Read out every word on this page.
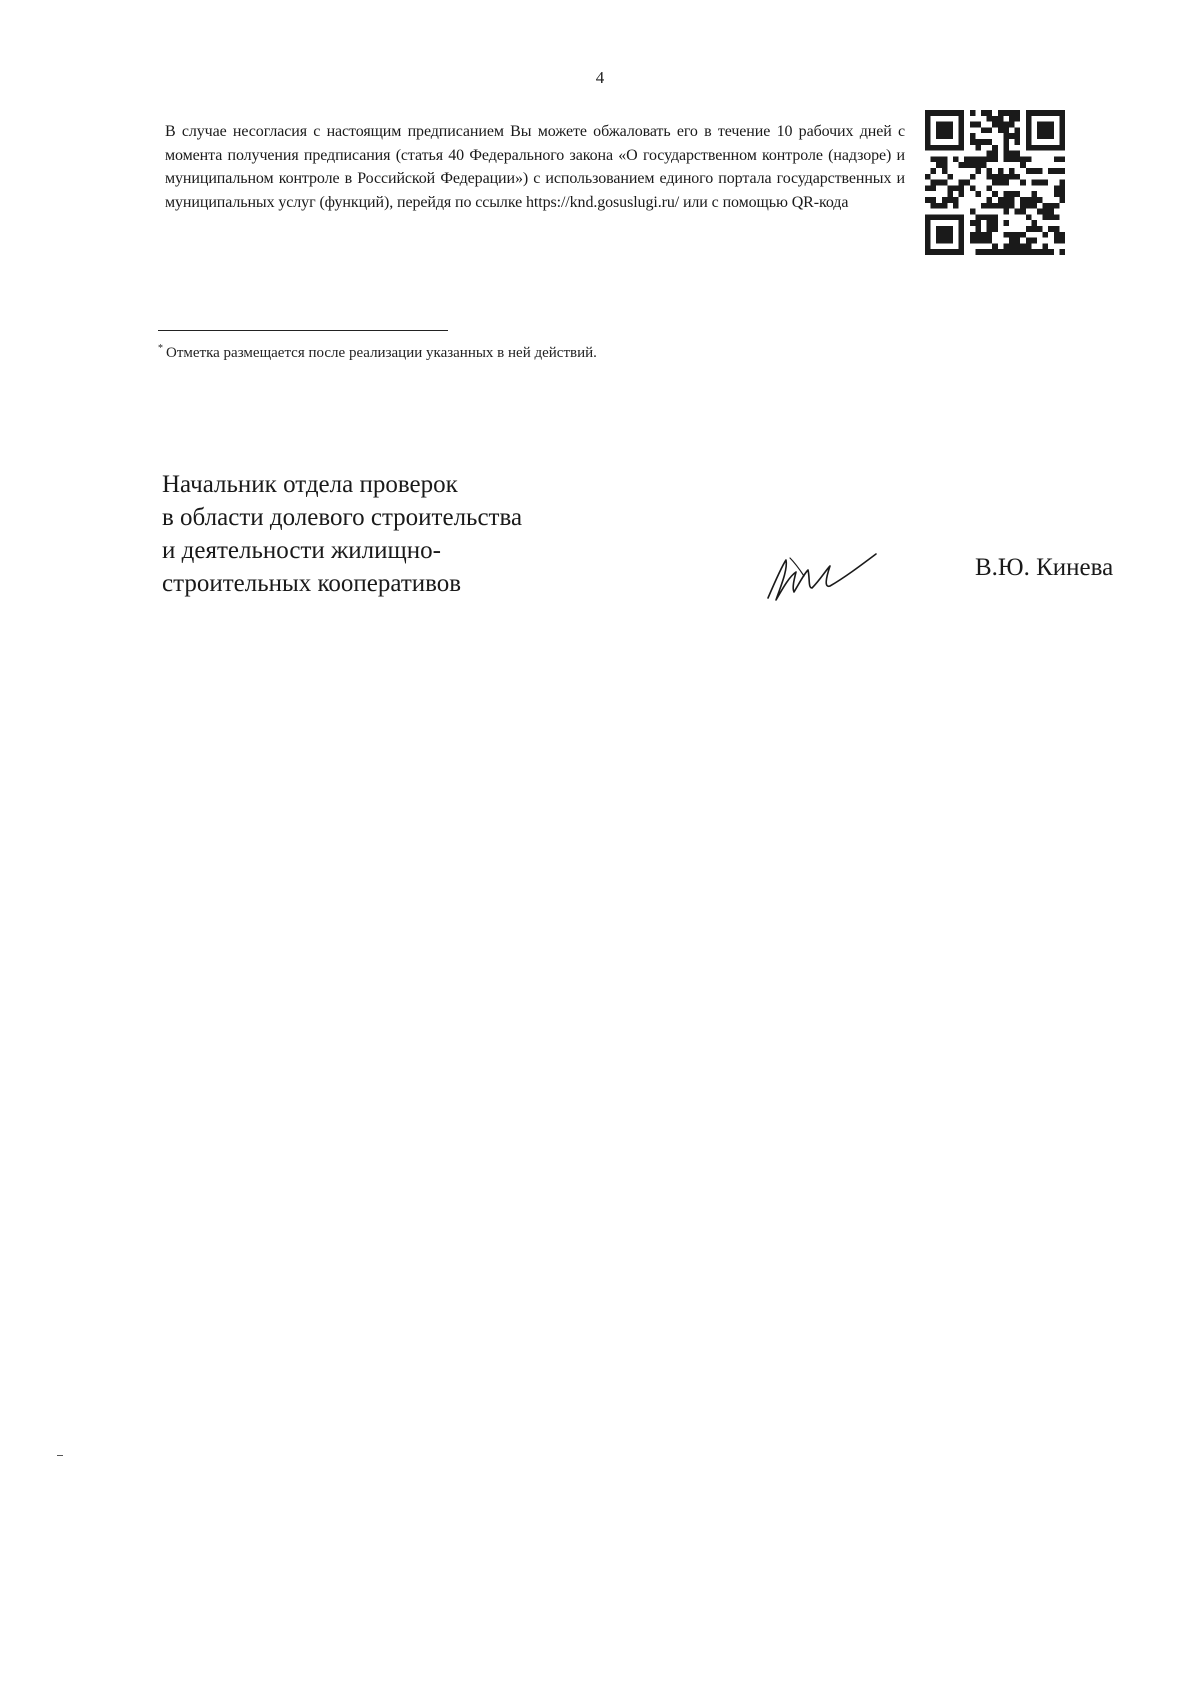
4
В случае несогласия с настоящим предписанием Вы можете обжаловать его в течение 10 рабочих дней с момента получения предписания (статья 40 Федерального закона «О государственном контроле (надзоре) и муниципальном контроле в Российской Федерации») с использованием единого портала государственных и муниципальных услуг (функций), перейдя по ссылке https://knd.gosuslugi.ru/ или с помощью QR-кода
* Отметка размещается после реализации указанных в ней действий.
Начальник отдела проверок
в области долевого строительства
и деятельности жилищно-
строительных кооперативов
В.Ю. Кинева
